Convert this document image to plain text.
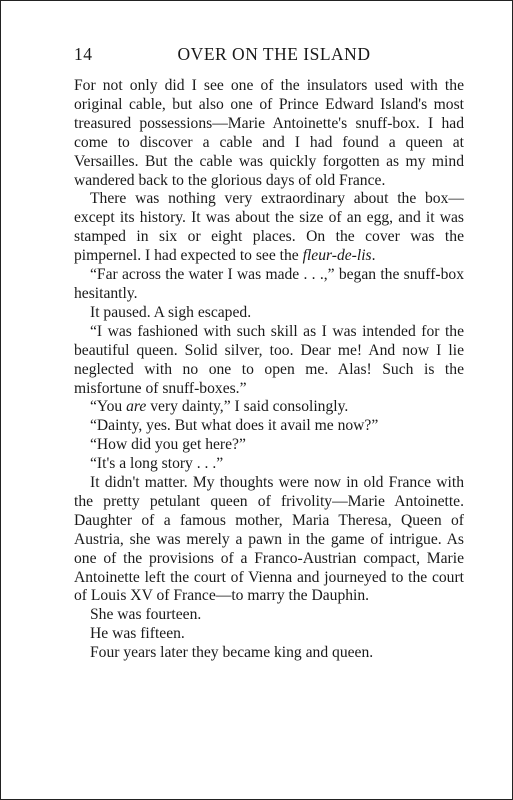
14	OVER ON THE ISLAND

For not only did I see one of the insulators used with the original cable, but also one of Prince Edward Island's most treasured possessions—Marie Antoinette's snuff-box. I had come to discover a cable and I had found a queen at Versailles. But the cable was quickly forgotten as my mind wandered back to the glorious days of old France.

There was nothing very extraordinary about the box—except its history. It was about the size of an egg, and it was stamped in six or eight places. On the cover was the pimpernel. I had expected to see the fleur-de-lis.

“Far across the water I was made . . .,” began the snuff-box hesitantly.

It paused. A sigh escaped.

“I was fashioned with such skill as I was intended for the beautiful queen. Solid silver, too. Dear me! And now I lie neglected with no one to open me. Alas! Such is the misfortune of snuff-boxes.”

“You are very dainty,” I said consolingly.

“Dainty, yes. But what does it avail me now?”

“How did you get here?”

“It's a long story . . .”

It didn't matter. My thoughts were now in old France with the pretty petulant queen of frivolity—Marie Antoinette. Daughter of a famous mother, Maria Theresa, Queen of Austria, she was merely a pawn in the game of intrigue. As one of the provisions of a Franco-Austrian compact, Marie Antoinette left the court of Vienna and journeyed to the court of Louis XV of France—to marry the Dauphin.

She was fourteen.

He was fifteen.

Four years later they became king and queen.
